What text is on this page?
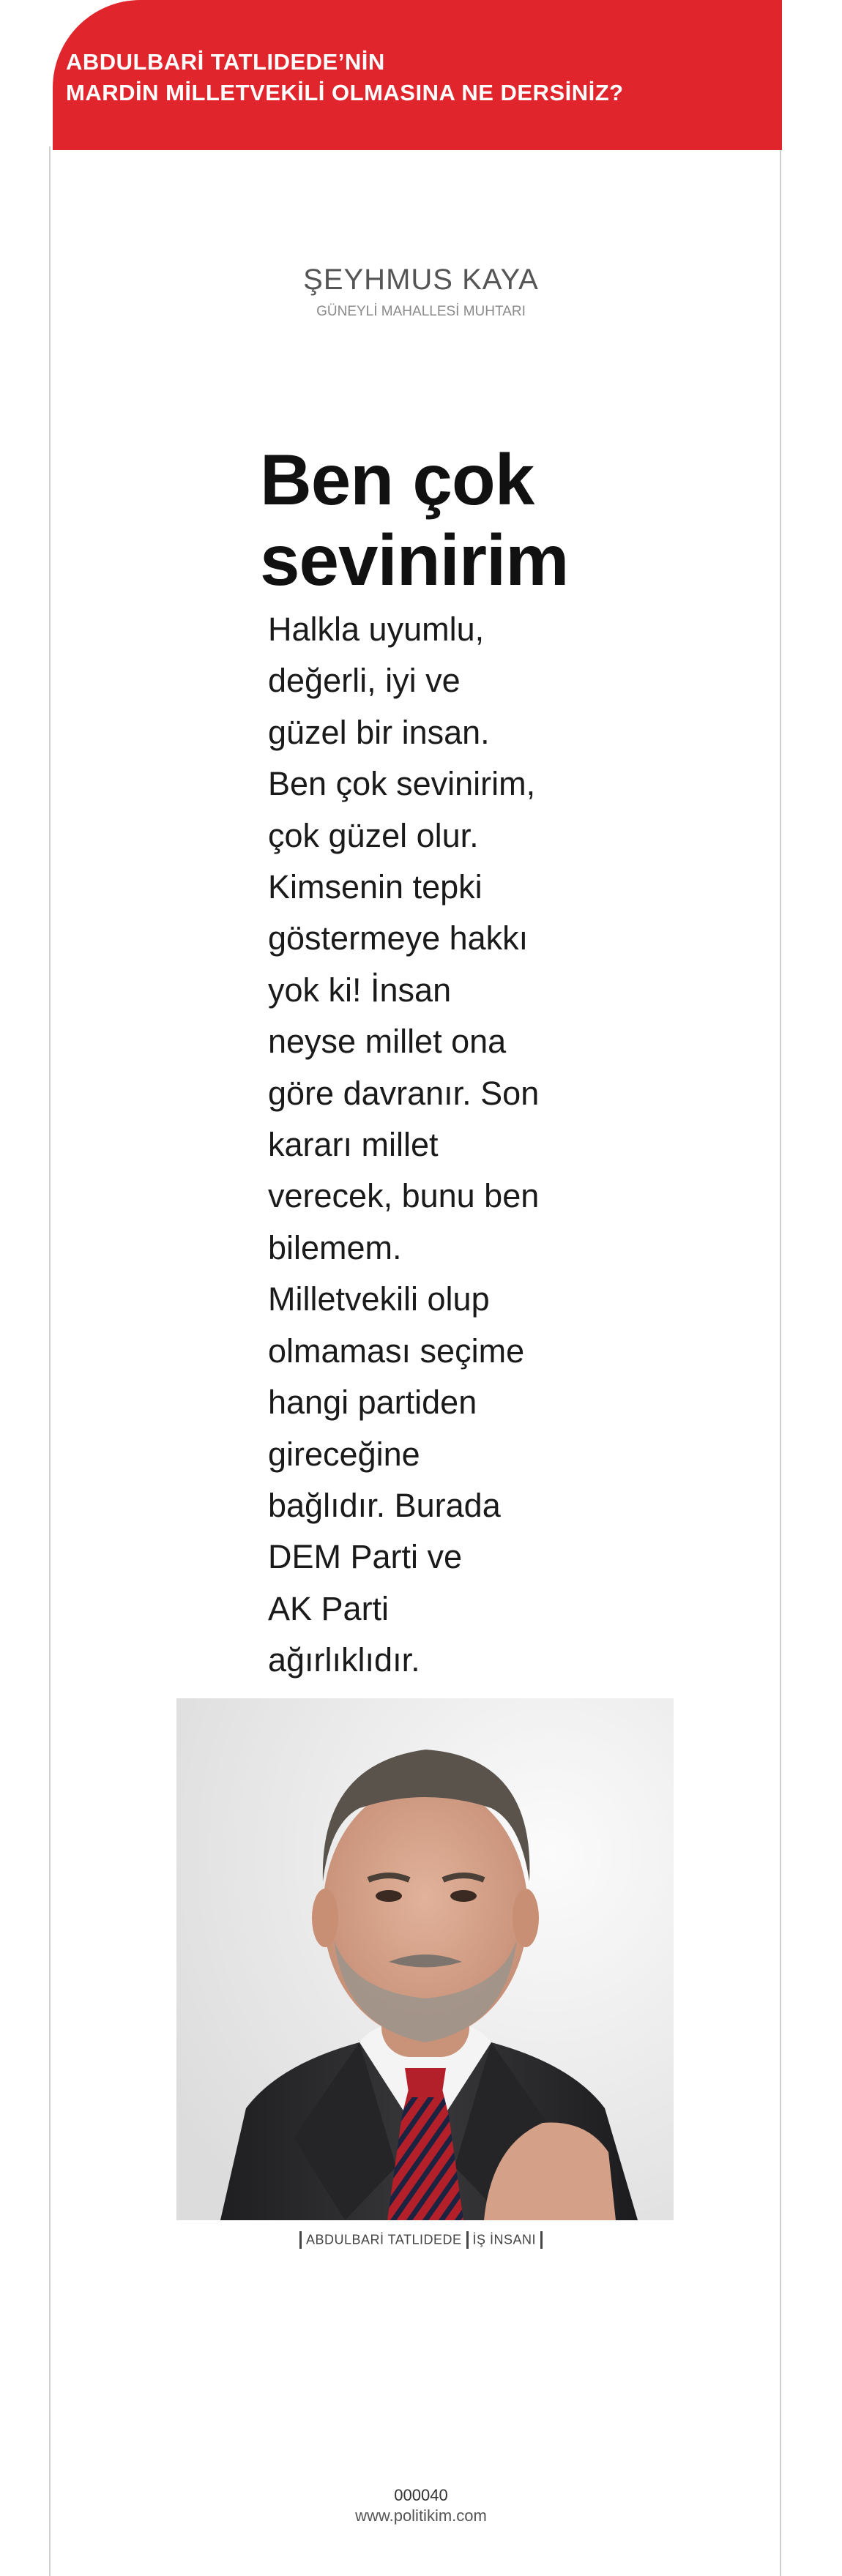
ABDULBARİ TATLIDEDE’NİN
MARDİN MİLLETVEKİLİ OLMASINA NE DERSİNİZ?
ŞEYHMUS KAYA
GÜNEYLİ MAHALLESİ MUHTARI
Ben çok
sevinirim
Halkla uyumlu,
değerli, iyi ve
güzel bir insan.
Ben çok sevinirim,
çok güzel olur.
Kimsenin tepki
göstermeye hakkı
yok ki! İnsan
neyse millet ona
göre davranır. Son
kararı millet
verecek, bunu ben
bilemem.
Milletvekili olup
olmaması seçime
hangi partiden
gireceğine
bağlıdır. Burada
DEM Parti ve
AK Parti
ağırlıklıdır.
ABDULBARİ TATLIDEDE İŞ İNSANI
000040
www.politikim.com
